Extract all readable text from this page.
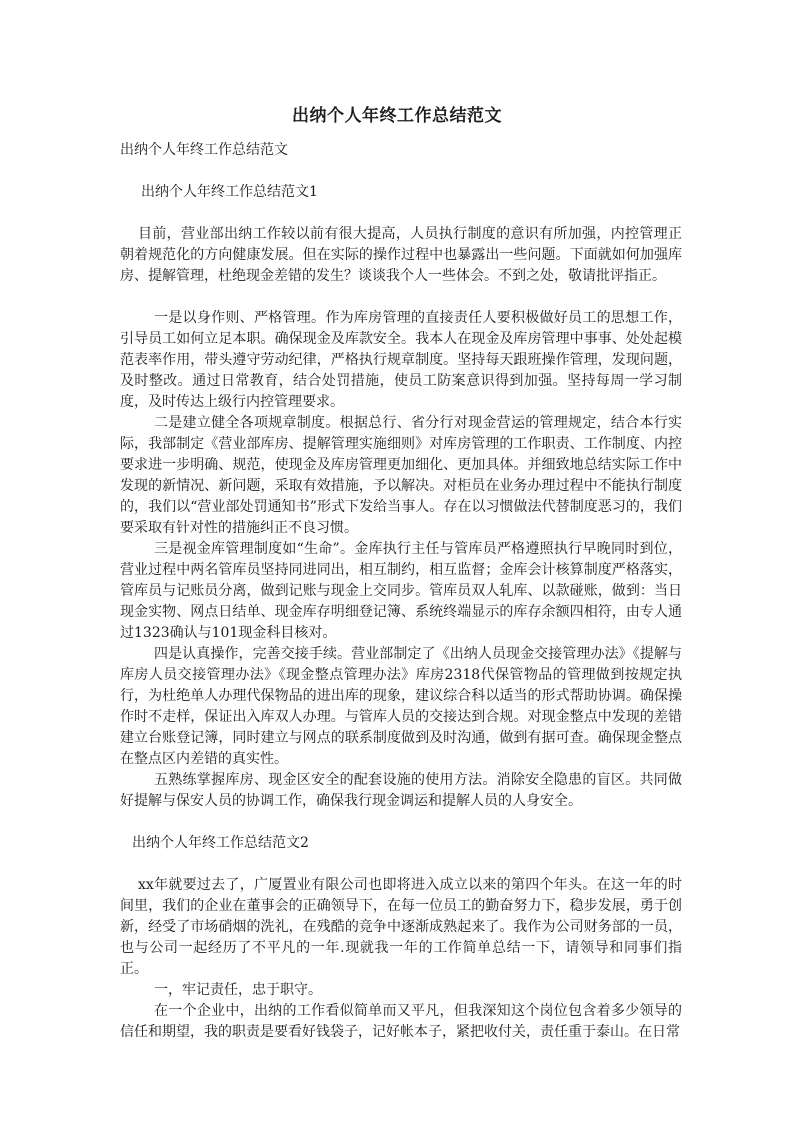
出纳个人年终工作总结范文

出纳个人年终工作总结范文

出纳个人年终工作总结范文1

目前，营业部出纳工作较以前有很大提高，人员执行制度的意识有所加强，内控管理正朝着规范化的方向健康发展。但在实际的操作过程中也暴露出一些问题。下面就如何加强库房、提解管理，杜绝现金差错的发生？谈谈我个人一些体会。不到之处，敬请批评指正。

一是以身作则、严格管理。作为库房管理的直接责任人要积极做好员工的思想工作，引导员工如何立足本职。确保现金及库款安全。我本人在现金及库房管理中事事、处处起模范表率作用，带头遵守劳动纪律，严格执行规章制度。坚持每天跟班操作管理，发现问题，及时整改。通过日常教育，结合处罚措施，使员工防案意识得到加强。坚持每周一学习制度，及时传达上级行内控管理要求。

二是建立健全各项规章制度。根据总行、省分行对现金营运的管理规定，结合本行实际，我部制定《营业部库房、提解管理实施细则》对库房管理的工作职责、工作制度、内控要求进一步明确、规范，使现金及库房管理更加细化、更加具体。并细致地总结实际工作中发现的新情况、新问题，采取有效措施，予以解决。对柜员在业务办理过程中不能执行制度的，我们以“营业部处罚通知书”形式下发给当事人。存在以习惯做法代替制度恶习的，我们要采取有针对性的措施纠正不良习惯。

三是视金库管理制度如“生命”。金库执行主任与管库员严格遵照执行早晚同时到位，营业过程中两名管库员坚持同进同出，相互制约，相互监督；金库会计核算制度严格落实，管库员与记账员分离，做到记账与现金上交同步。管库员双人轧库、以款碰账，做到：当日现金实物、网点日结单、现金库存明细登记簿、系统终端显示的库存余额四相符，由专人通过1323确认与101现金科目核对。

四是认真操作，完善交接手续。营业部制定了《出纳人员现金交接管理办法》《提解与库房人员交接管理办法》《现金整点管理办法》库房2318代保管物品的管理做到按规定执行，为杜绝单人办理代保物品的进出库的现象，建议综合科以适当的形式帮助协调。确保操作时不走样，保证出入库双人办理。与管库人员的交接达到合规。对现金整点中发现的差错建立台账登记簿，同时建立与网点的联系制度做到及时沟通，做到有据可查。确保现金整点在整点区内差错的真实性。

五熟练掌握库房、现金区安全的配套设施的使用方法。消除安全隐患的盲区。共同做好提解与保安人员的协调工作，确保我行现金调运和提解人员的人身安全。

出纳个人年终工作总结范文2

xx年就要过去了，广厦置业有限公司也即将进入成立以来的第四个年头。在这一年的时间里，我们的企业在董事会的正确领导下，在每一位员工的勤奋努力下，稳步发展，勇于创新，经受了市场硝烟的洗礼，在残酷的竞争中逐渐成熟起来了。我作为公司财务部的一员，也与公司一起经历了不平凡的一年.现就我一年的工作简单总结一下，请领导和同事们指正。

一，牢记责任，忠于职守。

在一个企业中，出纳的工作看似简单而又平凡，但我深知这个岗位包含着多少领导的信任和期望，我的职责是要看好钱袋子，记好帐本子，紧把收付关，责任重于泰山。在日常
